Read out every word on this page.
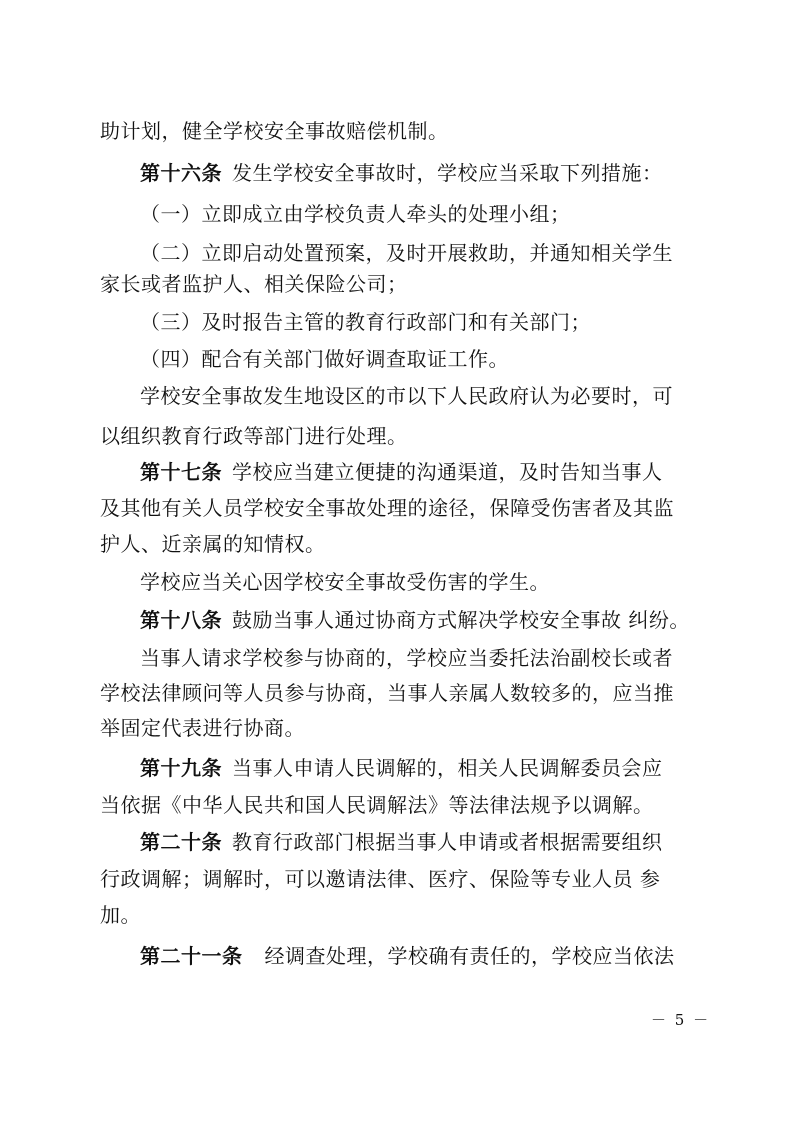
助计划，健全学校安全事故赔偿机制。
第十六条 发生学校安全事故时，学校应当采取下列措施：
（一）立即成立由学校负责人牵头的处理小组；
（二）立即启动处置预案，及时开展救助，并通知相关学生
家长或者监护人、相关保险公司；
（三）及时报告主管的教育行政部门和有关部门；
（四）配合有关部门做好调查取证工作。
学校安全事故发生地设区的市以下人民政府认为必要时，可
以组织教育行政等部门进行处理。
第十七条 学校应当建立便捷的沟通渠道，及时告知当事人
及其他有关人员学校安全事故处理的途径，保障受伤害者及其监
护人、近亲属的知情权。
学校应当关心因学校安全事故受伤害的学生。
第十八条 鼓励当事人通过协商方式解决学校安全事故 纠纷。
当事人请求学校参与协商的，学校应当委托法治副校长或者
学校法律顾问等人员参与协商，当事人亲属人数较多的，应当推
举固定代表进行协商。
第十九条 当事人申请人民调解的，相关人民调解委员会应
当依据《中华人民共和国人民调解法》等法律法规予以调解。
第二十条 教育行政部门根据当事人申请或者根据需要组织
行政调解；调解时，可以邀请法律、医疗、保险等专业人员 参
加。
第二十一条 经调查处理，学校确有责任的，学校应当依法
－ 5 －
